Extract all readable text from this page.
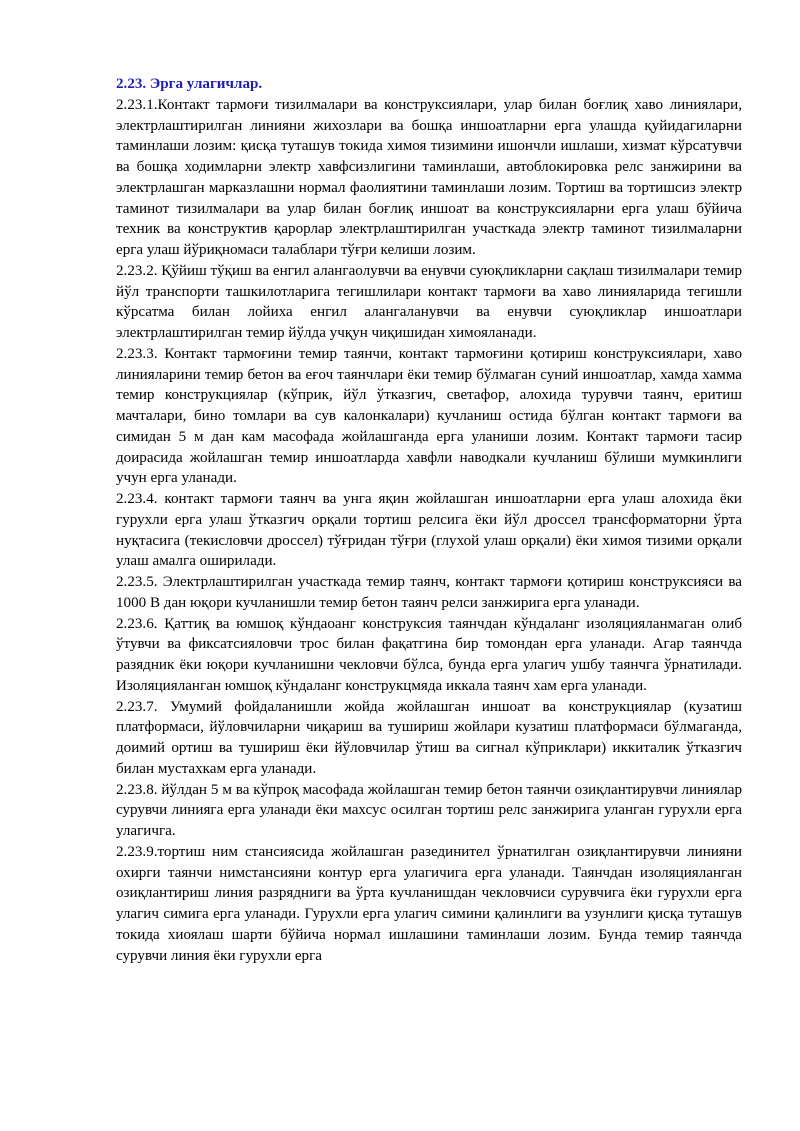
2.23. Эрга улагичлар.

2.23.1.Контакт тармоғи тизилмалари ва конструксиялари, улар билан боғлиқ хаво линиялари, электрлаштирилган линияни жихозлари ва бошқа иншоатларни ерга улашда қуйидагиларни таминлаши лозим: қисқа туташув токида химоя тизимини ишончли ишлаши, хизмат кўрсатувчи ва бошқа ходимларни электр хавфсизлигини таминлаши, автоблокировка релс занжирини ва электрлашган марказлашни нормал фаолиятини таминлаши лозим. Тортиш ва тортишсиз электр таминот тизилмалари ва улар билан боғлиқ иншоат ва конструксияларни ерга улаш бўйича техник ва конструктив қарорлар электрлаштирилган участкада электр таминот тизилмаларни ерга улаш йўриқномаси талаблари тўғри келиши лозим.

2.23.2. Қўйиш тўқиш ва енгил алангаолувчи ва енувчи суюқликларни сақлаш тизилмалари темир йўл транспорти ташкилотларига тегишлилари контакт тармоғи ва хаво линияларида тегишли кўрсатма билан лойиха енгил алангаланувчи ва енувчи суюқликлар иншоатлари электрлаштирилган темир йўлда учқун чиқишидан химояланади.

2.23.3. Контакт тармоғини темир таянчи, контакт тармоғини қотириш конструксиялари, хаво линияларини темир бетон ва еғоч таянчлари ёки темир бўлмаган суний иншоатлар, хамда хамма темир конструкциялар (кўприк, йўл ўтказгич, светафор, алохида турувчи таянч, еритиш мачталари, бино томлари ва сув калонкалари) кучланиш остида бўлган контакт тармоғи ва симидан 5 м дан кам масофада жойлашганда ерга уланиши лозим. Контакт тармоғи тасир доирасида жойлашган темир иншоатларда хавфли наводкали кучланиш бўлиши мумкинлиги учун ерга уланади.

2.23.4. контакт тармоғи таянч ва унга яқин жойлашган иншоатларни ерга улаш алохида ёки гурухли ерга улаш ўтказгич орқали тортиш релсига ёки йўл дроссел трансформаторни ўрта нуқтасига (текисловчи дроссел) тўғридан тўғри (глухой улаш орқали) ёки химоя тизими орқали улаш амалга оширилади.

2.23.5. Электрлаштирилган участкада темир таянч, контакт тармоғи қотириш конструксияси ва 1000 В дан юқори кучланишли темир бетон таянч релси занжирига ерга уланади.

2.23.6. Қаттиқ ва юмшоқ кўндаоанг конструксия таянчдан кўндаланг изоляцияланмаган олиб ўтувчи ва фиксатсияловчи трос билан фақатгина бир томондан ерга уланади. Агар таянчда разядник ёки юқори кучланишни чекловчи бўлса, бунда ерга улагич ушбу таянчга ўрнатилади. Изоляцияланган юмшоқ кўндаланг конструкцмяда иккала таянч хам ерга уланади.

2.23.7. Умумий фойдаланишли жойда жойлашган иншоат ва конструкциялар (кузатиш платформаси, йўловчиларни чиқариш ва тушириш жойлари кузатиш платформаси бўлмаганда, доимий ортиш ва тушириш ёки йўловчилар ўтиш ва сигнал кўприклари) иккиталик ўтказгич билан мустахкам ерга уланади.

2.23.8. йўлдан 5 м ва кўпроқ масофада жойлашган темир бетон таянчи озиқлантирувчи линиялар сурувчи линияга ерга уланади ёки махсус осилган тортиш релс занжирига уланган гурухли ерга улагичга.

2.23.9.тортиш ним стансиясида жойлашган разединител ўрнатилган озиқлантирувчи линияни охирги таянчи нимстансияни контур ерга улагичига ерга уланади. Таянчдан изоляцияланган озиқлантириш линия разрядниги ва ўрта кучланишдан чекловчиси сурувчига ёки гурухли ерга улагич симига ерга уланади. Гурухли ерга улагич симини қалинлиги ва узунлиги қисқа туташув токида хиоялаш шарти бўйича нормал ишлашини таминлаши лозим. Бунда темир таянчда сурувчи линия ёки гурухли ерга
